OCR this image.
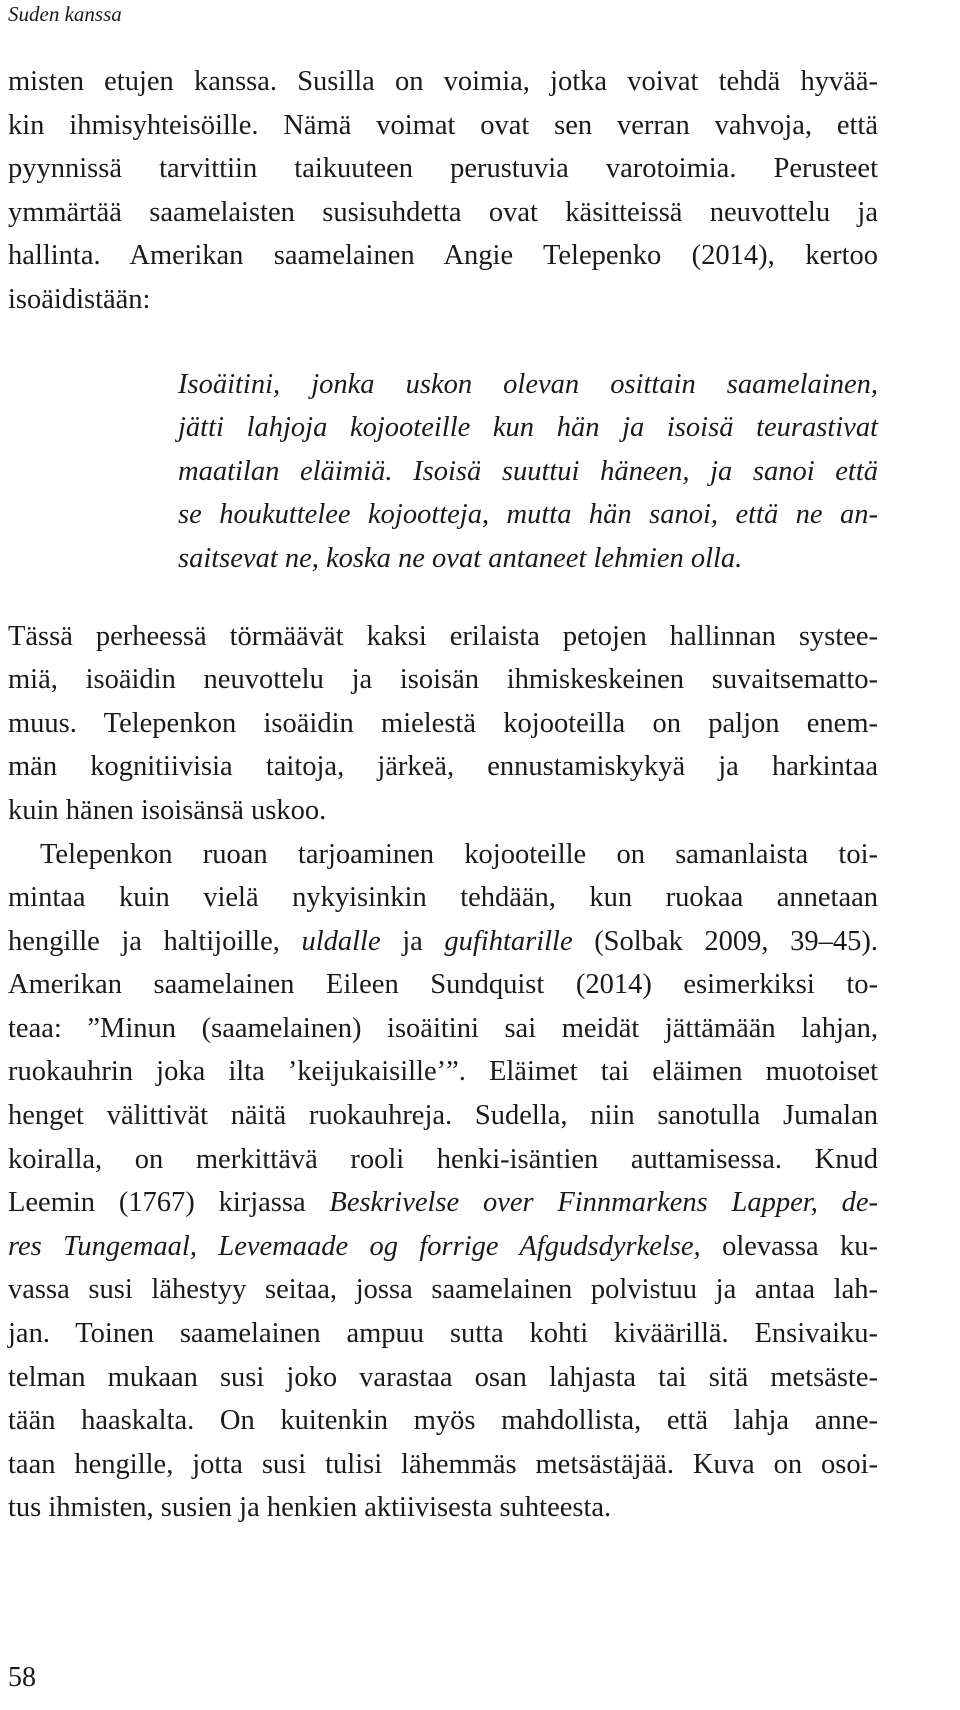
Suden kanssa
misten etujen kanssa. Susilla on voimia, jotka voivat tehdä hyvää-
kin ihmisyhteisöille. Nämä voimat ovat sen verran vahvoja, että
pyynnissä tarvittiin taikuuteen perustuvia varotoimia. Perusteet
ymmärtää saamelaisten susisuhdetta ovat käsitteissä neuvottelu ja
hallinta. Amerikan saamelainen Angie Telepenko (2014), kertoo
isoäidistään:
Isoäitini, jonka uskon olevan osittain saamelainen,
jätti lahjoja kojooteille kun hän ja isoisä teurastivat
maatilan eläimiä. Isoisä suuttui häneen, ja sanoi että
se houkuttelee kojootteja, mutta hän sanoi, että ne an-
saitsevat ne, koska ne ovat antaneet lehmien olla.
Tässä perheessä törmäävät kaksi erilaista petojen hallinnan systee-
miä, isoäidin neuvottelu ja isoisän ihmiskeskeinen suvaitsematto-
muus. Telepenkon isoäidin mielestä kojooteilla on paljon enem-
män kognitiivisia taitoja, järkeä, ennustamiskykyä ja harkintaa
kuin hänen isoisänsä uskoo.
Telepenkon ruoan tarjoaminen kojooteille on samanlaista toi-
mintaa kuin vielä nykyisinkin tehdään, kun ruokaa annetaan
hengille ja haltijoille, uldalle ja gufihtarille (Solbak 2009, 39–45).
Amerikan saamelainen Eileen Sundquist (2014) esimerkiksi to-
teaa: ”Minun (saamelainen) isoäitini sai meidät jättämään lahjan,
ruokauhrin joka ilta ’keijukaisille’”. Eläimet tai eläimen muotoiset
henget välittivät näitä ruokauhreja. Sudella, niin sanotulla Jumalan
koiralla, on merkittävä rooli henki-isäntien auttamisessa. Knud
Leemin (1767) kirjassa Beskrivelse over Finnmarkens Lapper, de-
res Tungemaal, Levemaade og forrige Afgudsdyrkelse, olevassa ku-
vassa susi lähestyy seitaa, jossa saamelainen polvistuu ja antaa lah-
jan. Toinen saamelainen ampuu sutta kohti kiväärillä. Ensivaiku-
telman mukaan susi joko varastaa osan lahjasta tai sitä metsäste-
tään haaskalta. On kuitenkin myös mahdollista, että lahja anne-
taan hengille, jotta susi tulisi lähemmäs metsästäjää. Kuva on osoi-
tus ihmisten, susien ja henkien aktiivisesta suhteesta.
58
